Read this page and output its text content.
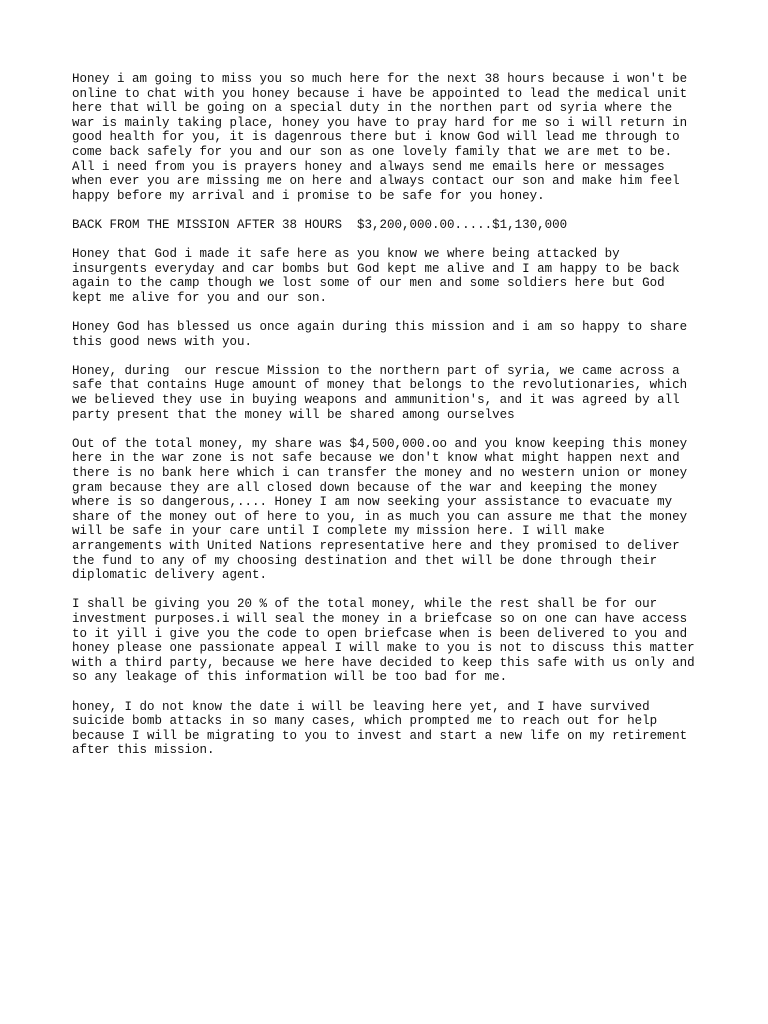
Honey i am going to miss you so much here for the next 38 hours because i won't be
online to chat with you honey because i have be appointed to lead the medical unit
here that will be going on a special duty in the northen part od syria where the
war is mainly taking place, honey you have to pray hard for me so i will return in
good health for you, it is dagenrous there but i know God will lead me through to
come back safely for you and our son as one lovely family that we are met to be.
All i need from you is prayers honey and always send me emails here or messages
when ever you are missing me on here and always contact our son and make him feel
happy before my arrival and i promise to be safe for you honey.

BACK FROM THE MISSION AFTER 38 HOURS  $3,200,000.00.....$1,130,000

Honey that God i made it safe here as you know we where being attacked by
insurgents everyday and car bombs but God kept me alive and I am happy to be back
again to the camp though we lost some of our men and some soldiers here but God
kept me alive for you and our son.

Honey God has blessed us once again during this mission and i am so happy to share
this good news with you.

Honey, during  our rescue Mission to the northern part of syria, we came across a
safe that contains Huge amount of money that belongs to the revolutionaries, which
we believed they use in buying weapons and ammunition's, and it was agreed by all
party present that the money will be shared among ourselves

Out of the total money, my share was $4,500,000.oo and you know keeping this money
here in the war zone is not safe because we don't know what might happen next and
there is no bank here which i can transfer the money and no western union or money
gram because they are all closed down because of the war and keeping the money
where is so dangerous,.... Honey I am now seeking your assistance to evacuate my
share of the money out of here to you, in as much you can assure me that the money
will be safe in your care until I complete my mission here. I will make
arrangements with United Nations representative here and they promised to deliver
the fund to any of my choosing destination and thet will be done through their
diplomatic delivery agent.

I shall be giving you 20 % of the total money, while the rest shall be for our
investment purposes.i will seal the money in a briefcase so on one can have access
to it yill i give you the code to open briefcase when is been delivered to you and
honey please one passionate appeal I will make to you is not to discuss this matter
with a third party, because we here have decided to keep this safe with us only and
so any leakage of this information will be too bad for me.

honey, I do not know the date i will be leaving here yet, and I have survived
suicide bomb attacks in so many cases, which prompted me to reach out for help
because I will be migrating to you to invest and start a new life on my retirement
after this mission.
